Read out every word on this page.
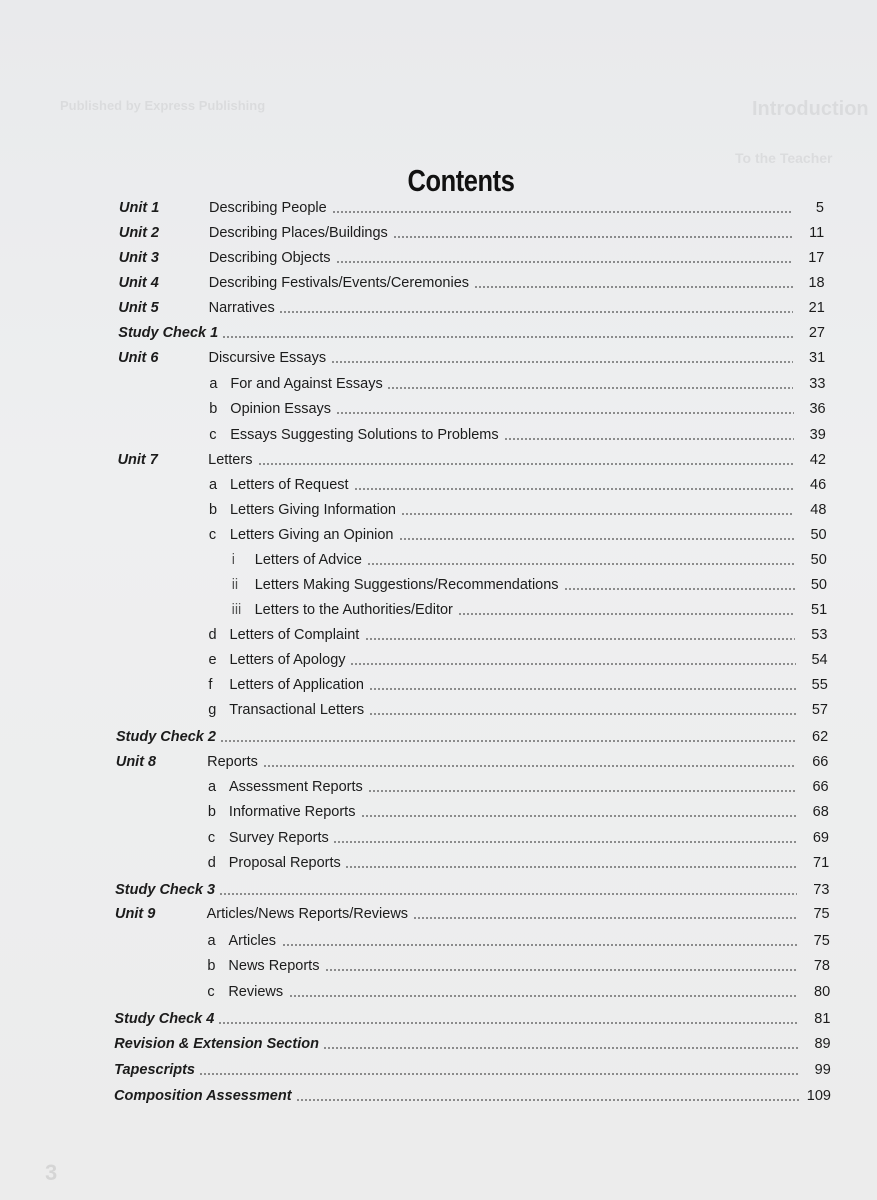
Published by Express Publishing	Introduction
To the Teacher
3
Contents
Unit 1	Describing People	5
Unit 2	Describing Places/Buildings	11
Unit 3	Describing Objects	17
Unit 4	Describing Festivals/Events/Ceremonies	18
Unit 5	Narratives	21
Study Check 1	27
Unit 6	Discursive Essays	31
a For and Against Essays	33
b Opinion Essays	36
c Essays Suggesting Solutions to Problems	39
Unit 7	Letters	42
a Letters of Request	46
b Letters Giving Information	48
c Letters Giving an Opinion	50
i Letters of Advice	50
ii Letters Making Suggestions/Recommendations	50
iii Letters to the Authorities/Editor	51
d Letters of Complaint	53
e Letters of Apology	54
f Letters of Application	55
g Transactional Letters	57
Study Check 2	62
Unit 8	Reports	66
a Assessment Reports	66
b Informative Reports	68
c Survey Reports	69
d Proposal Reports	71
Study Check 3	73
Unit 9	Articles/News Reports/Reviews	75
a Articles	75
b News Reports	78
c Reviews	80
Study Check 4	81
Revision & Extension Section	89
Tapescripts	99
Composition Assessment	109
